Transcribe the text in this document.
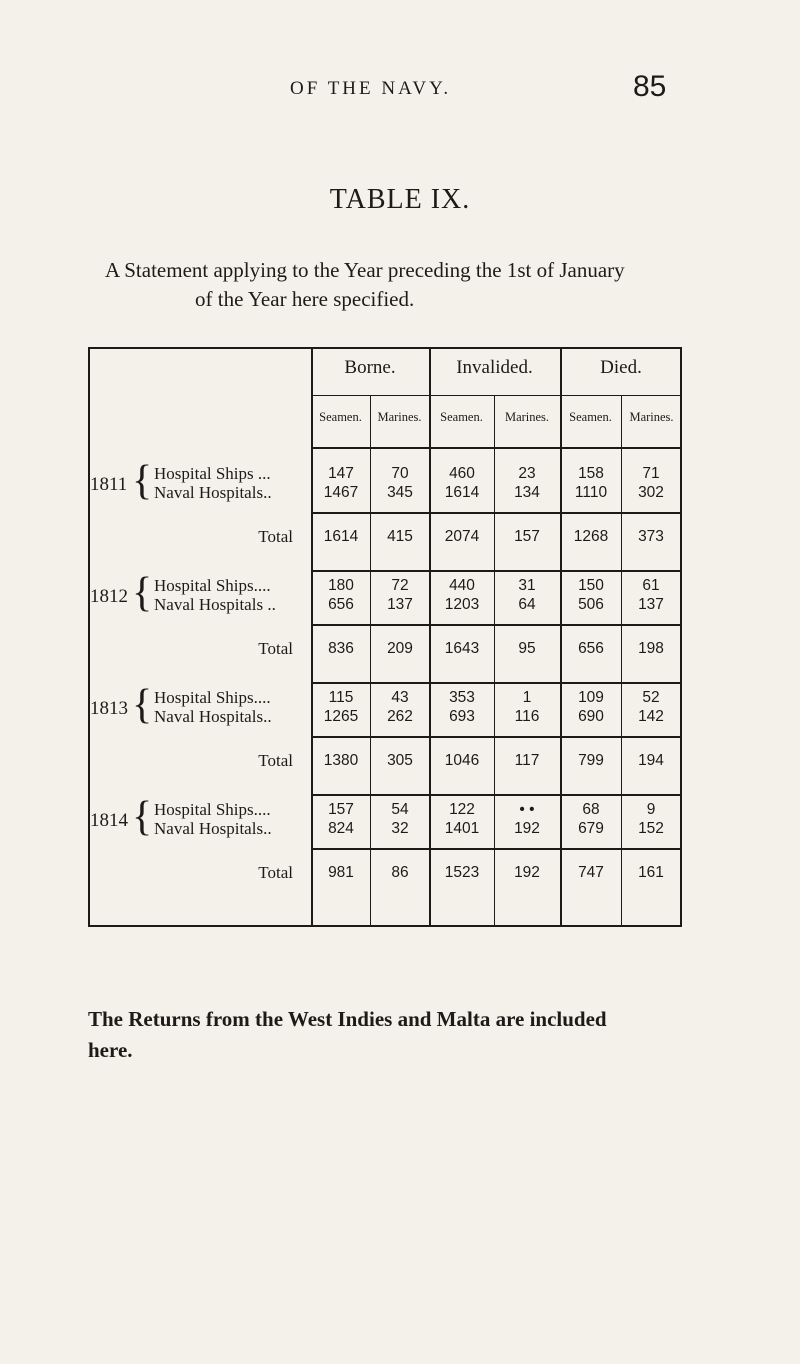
OF THE NAVY.	85
TABLE IX.
A Statement applying to the Year preceding the 1st of January
of the Year here specified.
Borne.	Invalided.	Died.
Seamen.	Marines.	Seamen.	Marines.	Seamen.	Marines.
1811 { Hospital Ships ...	147	70	460	23	158	71
Naval Hospitals..	1467	345	1614	134	1110	302
Total	1614	415	2074	157	1268	373
1812 { Hospital Ships....	180	72	440	31	150	61
Naval Hospitals ..	656	137	1203	64	506	137
Total	836	209	1643	95	656	198
1813 { Hospital Ships....	115	43	353	1	109	52
Naval Hospitals..	1265	262	693	116	690	142
Total	1380	305	1046	117	799	194
1814 { Hospital Ships....	157	54	122	• •	68	9
Naval Hospitals..	824	32	1401	192	679	152
Total	981	86	1523	192	747	161
The Returns from the West Indies and Malta are included
here.
